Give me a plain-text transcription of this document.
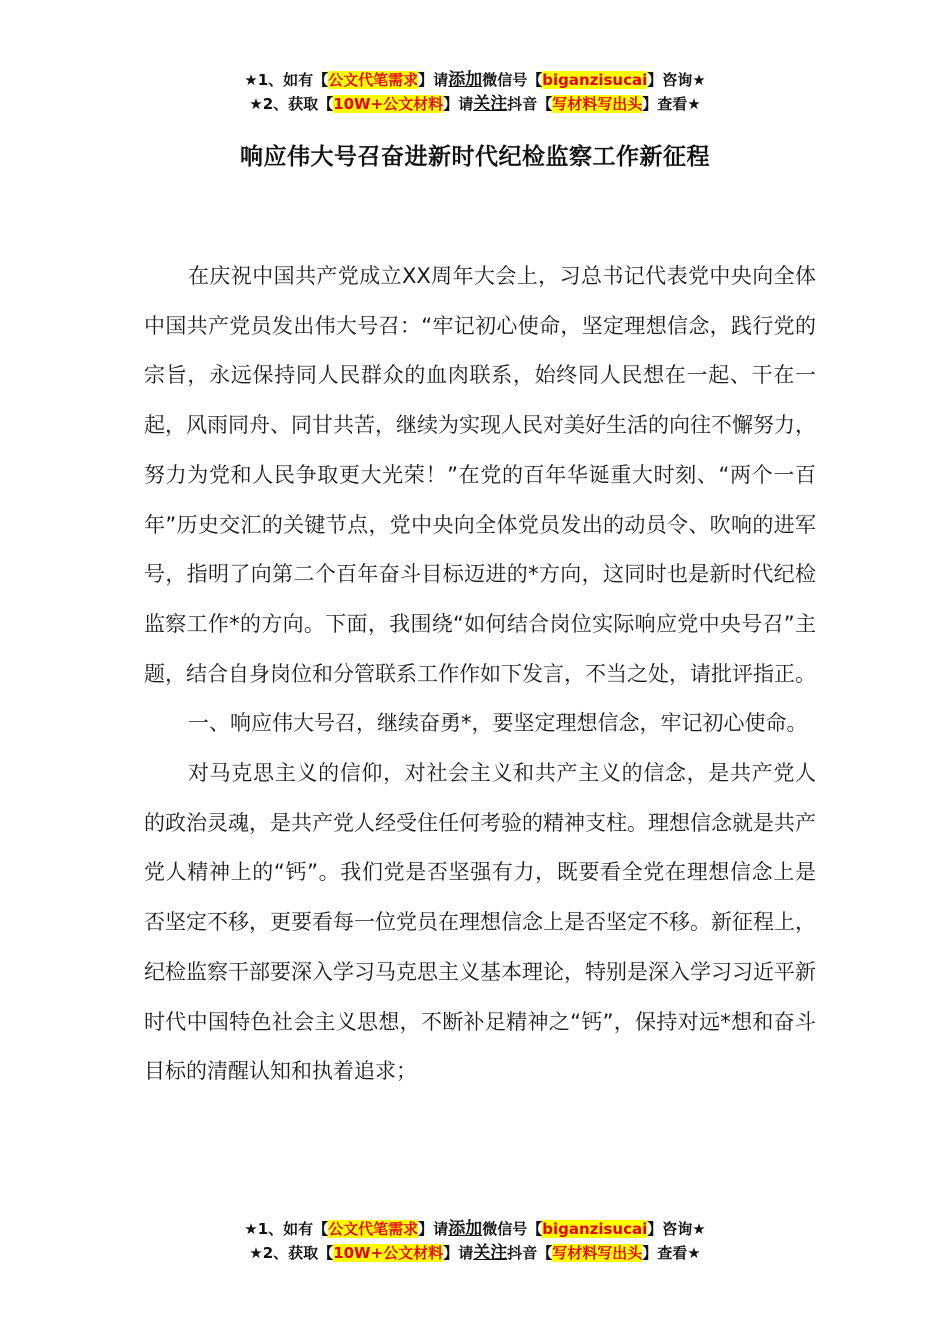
★1、如有【公文代笔需求】请添加微信号【biganzisucai】咨询★
★2、获取【10W+公文材料】请关注抖音【写材料写出头】查看★
响应伟大号召奋进新时代纪检监察工作新征程

在庆祝中国共产党成立XX周年大会上，习总书记代表党中央向全体中国共产党员发出伟大号召：“牢记初心使命，坚定理想信念，践行党的宗旨，永远保持同人民群众的血肉联系，始终同人民想在一起、干在一起，风雨同舟、同甘共苦，继续为实现人民对美好生活的向往不懈努力，努力为党和人民争取更大光荣！”在党的百年华诞重大时刻、“两个一百年”历史交汇的关键节点，党中央向全体党员发出的动员令、吹响的进军号，指明了向第二个百年奋斗目标迈进的*方向，这同时也是新时代纪检监察工作*的方向。下面，我围绕“如何结合岗位实际响应党中央号召”主题，结合自身岗位和分管联系工作作如下发言，不当之处，请批评指正。

一、响应伟大号召，继续奋勇*，要坚定理想信念，牢记初心使命。

对马克思主义的信仰，对社会主义和共产主义的信念，是共产党人的政治灵魂，是共产党人经受住任何考验的精神支柱。理想信念就是共产党人精神上的“钙”。我们党是否坚强有力，既要看全党在理想信念上是否坚定不移，更要看每一位党员在理想信念上是否坚定不移。新征程上，纪检监察干部要深入学习马克思主义基本理论，特别是深入学习习近平新时代中国特色社会主义思想，不断补足精神之“钙”，保持对远*想和奋斗目标的清醒认知和执着追求；

★1、如有【公文代笔需求】请添加微信号【biganzisucai】咨询★
★2、获取【10W+公文材料】请关注抖音【写材料写出头】查看★
